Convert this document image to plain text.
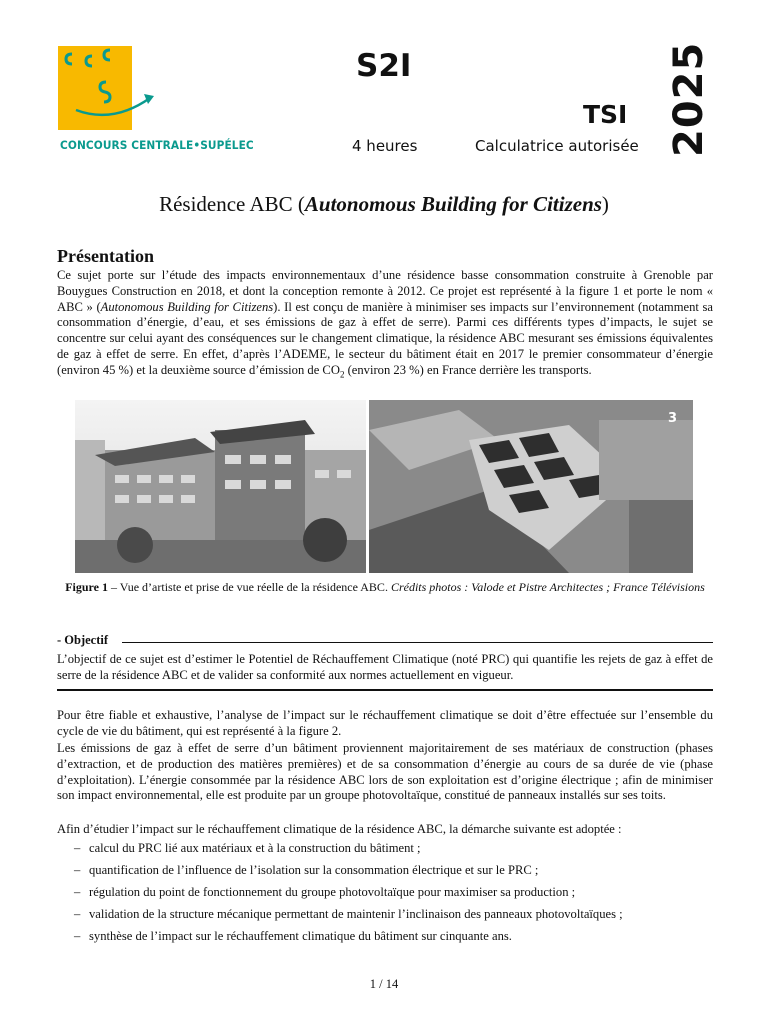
CONCOURS CENTRALE•SUPÉLEC
S2I
TSI
4 heures	Calculatrice autorisée 2025
Résidence ABC (Autonomous Building for Citizens)
Présentation
Ce sujet porte sur l’étude des impacts environnementaux d’une résidence basse consommation construite à Grenoble par Bouygues Construction en 2018, et dont la conception remonte à 2012. Ce projet est représenté à la figure 1 et porte le nom « ABC » (Autonomous Building for Citizens). Il est conçu de manière à minimiser ses impacts sur l’environnement (notamment sa consommation d’énergie, d’eau, et ses émissions de gaz à effet de serre). Parmi ces différents types d’impacts, le sujet se concentre sur celui ayant des conséquences sur le changement climatique, la résidence ABC mesurant ses émissions équivalentes de gaz à effet de serre. En effet, d’après l’ADEME, le secteur du bâtiment était en 2017 le premier consommateur d’énergie (environ 45 %) et la deuxième source d’émission de $CO_2$ (environ 23 %) en France derrière les transports.
3
Figure 1 – Vue d’artiste et prise de vue réelle de la résidence ABC. Crédits photos : Valode et Pistre Architectes ; France Télévisions
- Objectif
L’objectif de ce sujet est d’estimer le Potentiel de Réchauffement Climatique (noté PRC) qui quantifie les rejets de gaz à effet de serre de la résidence ABC et de valider sa conformité aux normes actuellement en vigueur.
Pour être fiable et exhaustive, l’analyse de l’impact sur le réchauffement climatique se doit d’être effectuée sur l’ensemble du cycle de vie du bâtiment, qui est représenté à la figure 2.
Les émissions de gaz à effet de serre d’un bâtiment proviennent majoritairement de ses matériaux de construction (phases d’extraction, et de production des matières premières) et de sa consommation d’énergie au cours de sa durée de vie (phase d’exploitation). L’énergie consommée par la résidence ABC lors de son exploitation est d’origine électrique ; afin de minimiser son impact environnemental, elle est produite par un groupe photovoltaïque, constitué de panneaux installés sur ses toits.
Afin d’étudier l’impact sur le réchauffement climatique de la résidence ABC, la démarche suivante est adoptée :
– calcul du PRC lié aux matériaux et à la construction du bâtiment ;
– quantification de l’influence de l’isolation sur la consommation électrique et sur le PRC ;
– régulation du point de fonctionnement du groupe photovoltaïque pour maximiser sa production ;
– validation de la structure mécanique permettant de maintenir l’inclinaison des panneaux photovoltaïques ;
– synthèse de l’impact sur le réchauffement climatique du bâtiment sur cinquante ans.
1 / 14
